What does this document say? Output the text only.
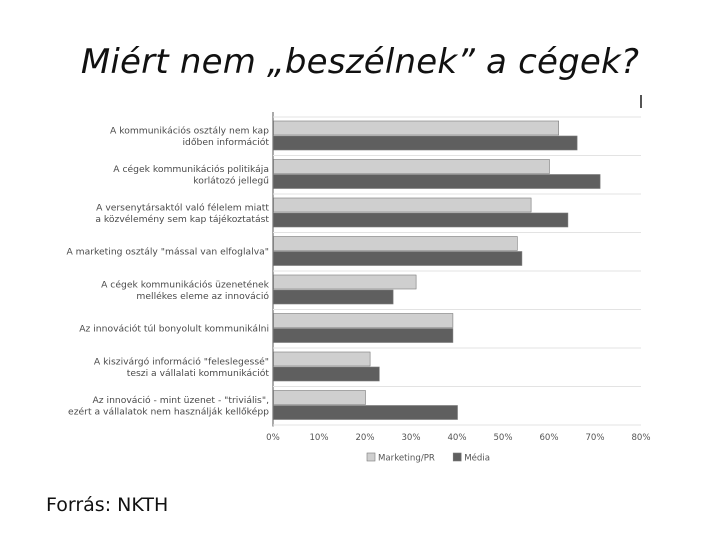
Miért nem „beszélnek” a cégek?
A kommunikációs osztály nem kap időben információt
A cégek kommunikációs politikája korlátozó jellegű
A versenytársaktól való félelem miatt a közvélemény sem kap tájékoztatást
A marketing osztály "mással van elfoglalva"
A cégek kommunikációs üzenetének mellékes eleme az innováció
Az innovációt túl bonyolult kommunikálni
A kiszivárgó információ "feleslegessé" teszi a vállalati kommunikációt
Az innováció - mint üzenet - "triviális", ezért a vállalatok nem használják kellőképp
0%	10%	20%	30%	40%	50%	60%	70%	80%
Marketing/PR	Média
Forrás: NKTH
